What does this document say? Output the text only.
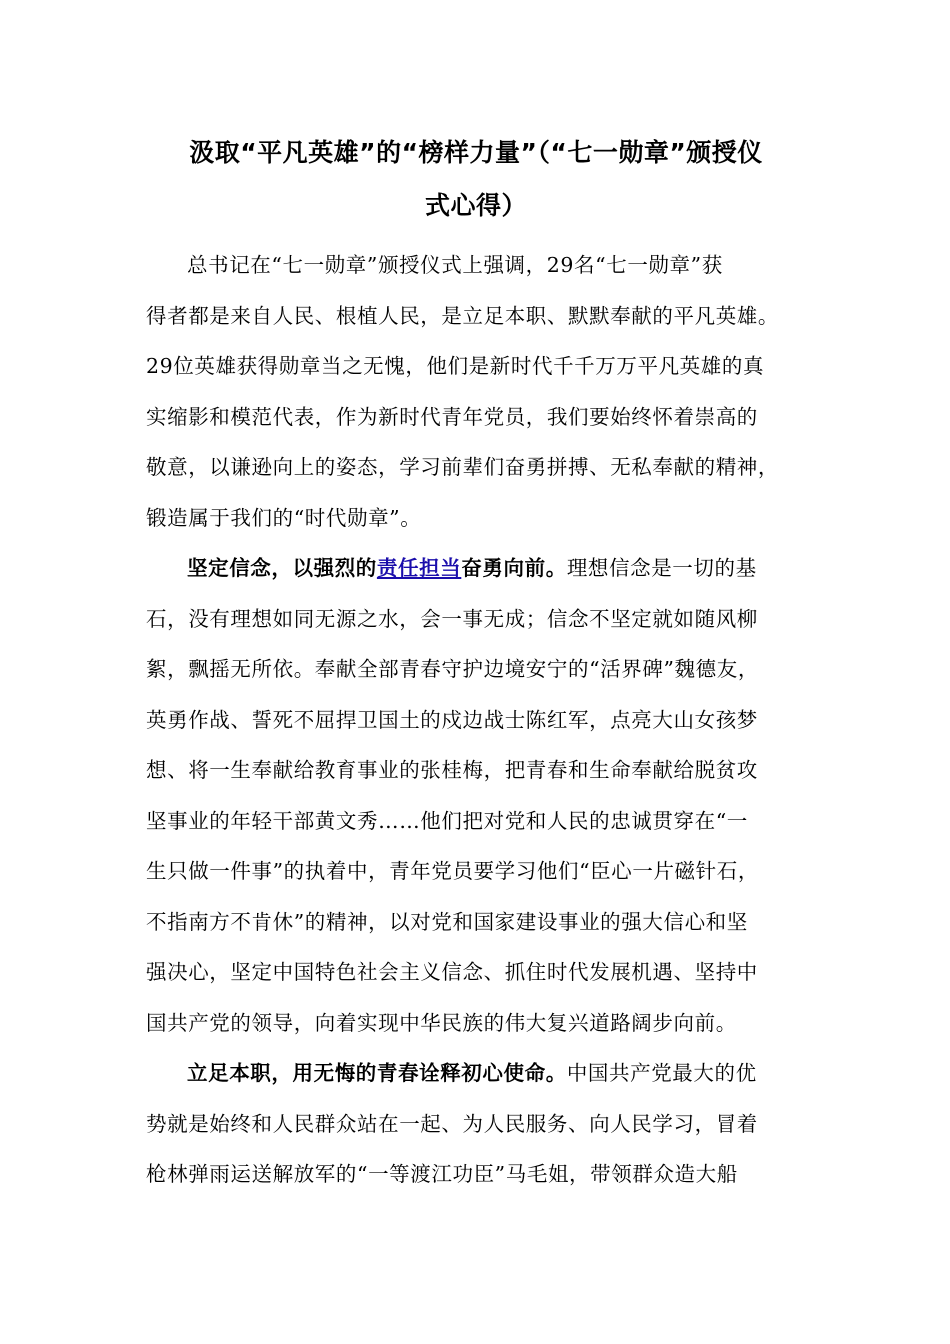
汲取“平凡英雄”的“榜样力量”（“七一勋章”颁授仪
式心得）

总书记在“七一勋章”颁授仪式上强调，29名“七一勋章”获
得者都是来自人民、根植人民，是立足本职、默默奉献的平凡英雄。
29位英雄获得勋章当之无愧，他们是新时代千千万万平凡英雄的真
实缩影和模范代表，作为新时代青年党员，我们要始终怀着崇高的
敬意，以谦逊向上的姿态，学习前辈们奋勇拼搏、无私奉献的精神，
锻造属于我们的“时代勋章”。

坚定信念，以强烈的责任担当奋勇向前。理想信念是一切的基
石，没有理想如同无源之水，会一事无成；信念不坚定就如随风柳
絮，飘摇无所依。奉献全部青春守护边境安宁的“活界碑”魏德友，
英勇作战、誓死不屈捍卫国土的戍边战士陈红军，点亮大山女孩梦
想、将一生奉献给教育事业的张桂梅，把青春和生命奉献给脱贫攻
坚事业的年轻干部黄文秀……他们把对党和人民的忠诚贯穿在“一
生只做一件事”的执着中，青年党员要学习他们“臣心一片磁针石，
不指南方不肯休”的精神，以对党和国家建设事业的强大信心和坚
强决心，坚定中国特色社会主义信念、抓住时代发展机遇、坚持中
国共产党的领导，向着实现中华民族的伟大复兴道路阔步向前。

立足本职，用无悔的青春诠释初心使命。中国共产党最大的优
势就是始终和人民群众站在一起、为人民服务、向人民学习，冒着
枪林弹雨运送解放军的“一等渡江功臣”马毛姐，带领群众造大船
